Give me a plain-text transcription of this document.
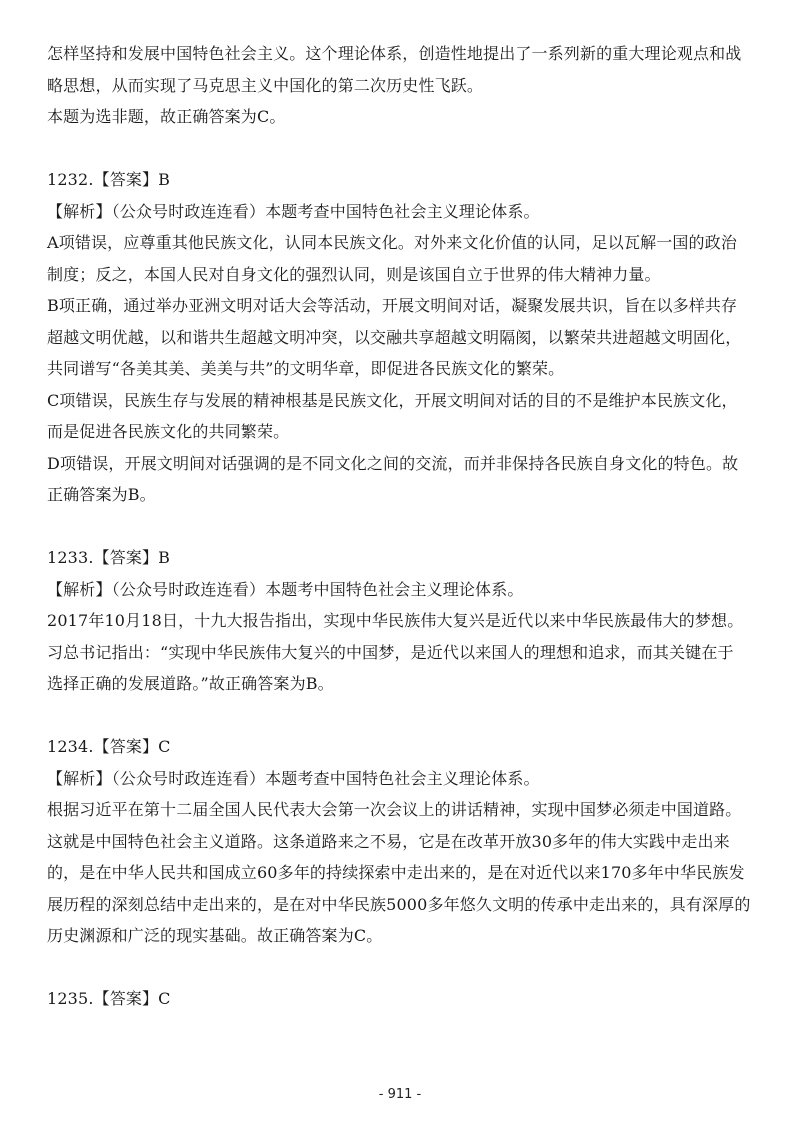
怎样坚持和发展中国特色社会主义。这个理论体系，创造性地提出了一系列新的重大理论观点和战
略思想，从而实现了马克思主义中国化的第二次历史性飞跃。
本题为选非题，故正确答案为C。
1232.【答案】B
【解析】（公众号时政连连看）本题考查中国特色社会主义理论体系。
A项错误，应尊重其他民族文化，认同本民族文化。对外来文化价值的认同，足以瓦解一国的政治
制度；反之，本国人民对自身文化的强烈认同，则是该国自立于世界的伟大精神力量。
B项正确，通过举办亚洲文明对话大会等活动，开展文明间对话，凝聚发展共识，旨在以多样共存
超越文明优越，以和谐共生超越文明冲突，以交融共享超越文明隔阂，以繁荣共进超越文明固化，
共同谱写“各美其美、美美与共”的文明华章，即促进各民族文化的繁荣。
C项错误，民族生存与发展的精神根基是民族文化，开展文明间对话的目的不是维护本民族文化，
而是促进各民族文化的共同繁荣。
D项错误，开展文明间对话强调的是不同文化之间的交流，而并非保持各民族自身文化的特色。故
正确答案为B。
1233.【答案】B
【解析】（公众号时政连连看）本题考中国特色社会主义理论体系。
2017年10月18日，十九大报告指出，实现中华民族伟大复兴是近代以来中华民族最伟大的梦想。
习总书记指出：“实现中华民族伟大复兴的中国梦，是近代以来国人的理想和追求，而其关键在于
选择正确的发展道路。”故正确答案为B。
1234.【答案】C
【解析】（公众号时政连连看）本题考查中国特色社会主义理论体系。
根据习近平在第十二届全国人民代表大会第一次会议上的讲话精神，实现中国梦必须走中国道路。
这就是中国特色社会主义道路。这条道路来之不易，它是在改革开放30多年的伟大实践中走出来
的，是在中华人民共和国成立60多年的持续探索中走出来的，是在对近代以来170多年中华民族发
展历程的深刻总结中走出来的，是在对中华民族5000多年悠久文明的传承中走出来的，具有深厚的
历史渊源和广泛的现实基础。故正确答案为C。
1235.【答案】C
- 911 -
